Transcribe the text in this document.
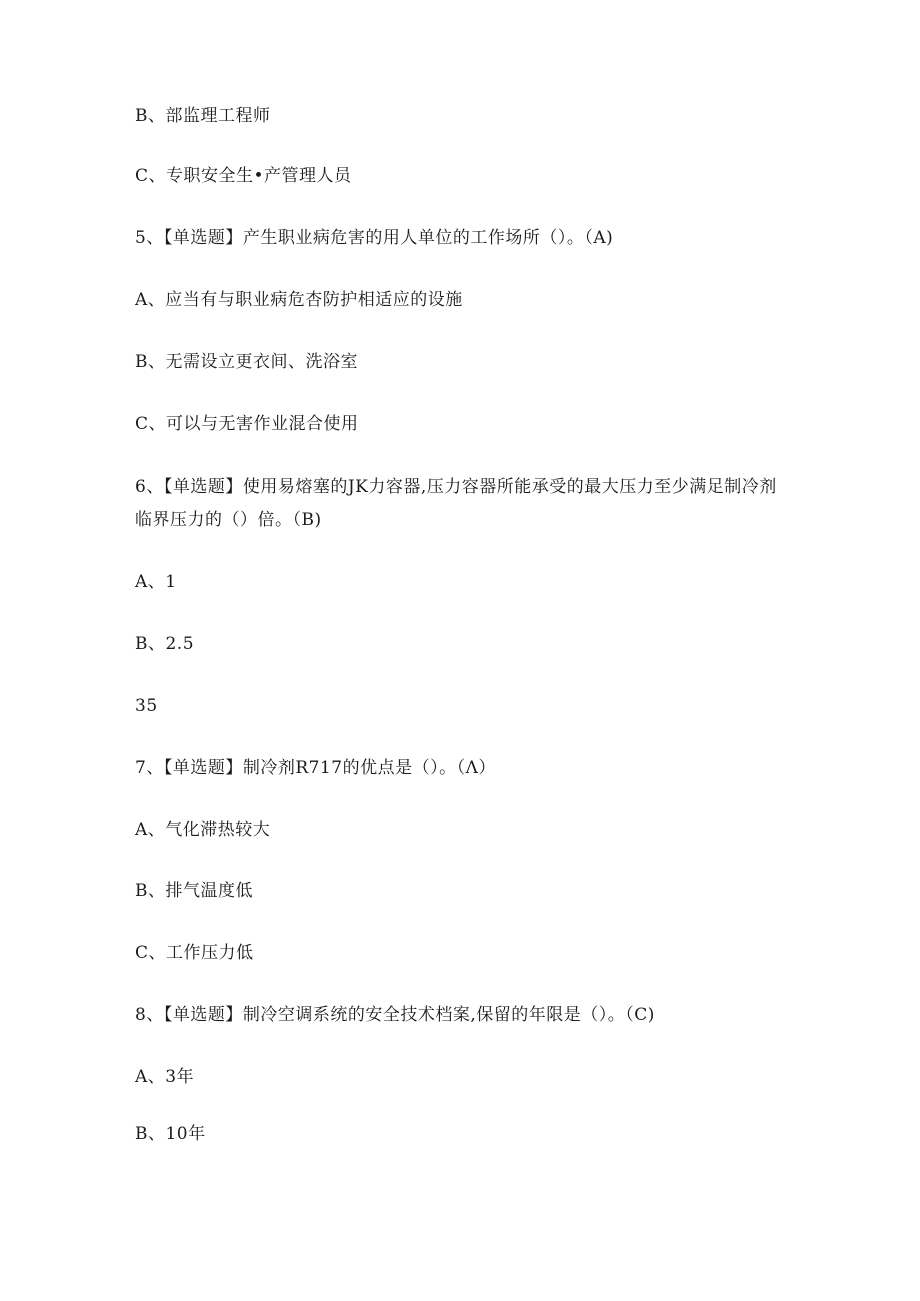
B、部监理工程师
C、专职安全生•产管理人员
5、【单选题】产生职业病危害的用人单位的工作场所（）。（A)
A、应当有与职业病危杏防护相适应的设施
B、无需设立更衣间、洗浴室
C、可以与无害作业混合使用
6、【单选题】使用易熔塞的JK力容器,压力容器所能承受的最大压力至少满足制冷剂
临界压力的（）倍。（B)
A、1
B、2.5
35
7、【单选题】制冷剂R717的优点是（）。（Λ）
A、气化滞热较大
B、排气温度低
C、工作压力低
8、【单选题】制冷空调系统的安全技术档案,保留的年限是（）。（C)
A、3年
B、10年
